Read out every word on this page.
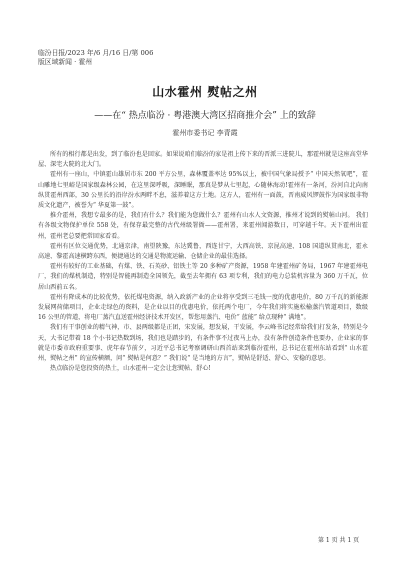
临汾日报/2023 年/6 月/16 日/第 006
版区域新闻 · 霍州
山水霍州 熨帖之州
——在“ 热点临汾 · 粤港澳大湾区招商推介会” 上的致辞
霍州市委书记 李青霞

所有的相行都是出发，到了临汾也是回家。如果说咱们临汾的家是祖上传下来的晋派三进院儿，那霍州就是这座高堂华屋、深宅大院的北大门。

霍州有一座山，中镇霍山雄居市东 200 平方公里，森林覆盖率达 95%以上，被中国气象局授予“ 中国天然氧吧”，霍山雕地七里峪是国家级森林公园，在这里深呼吸，深睡眠，那真是梦从七里起，心随林海动!霍州有一条河，汾河自北向南纵贯霍州西部，30 公里长的沿岸汾水两畔不息，滋养着这方土地。这方人，霍州有一面鼓，晋南威风锣鼓作为国家级非物质文化遗产，被誉为“ 华夏第一鼓”。

推介霍州，我想专最多的是，我们有什么？我们能为您做什么？霍州有山水人文资源，推州才说到的熨帖山河。 我们有各级文物保护单位 558 处，有保存最完整的古代州级署衙——霍州署，来霍州闻游数日，可穿越千年。天下霍州出霍州，霍州老总要把常回家看看。

霍州有区位交通优势，北通京津，南望陕豫，东达冀鲁，西连甘宁，大西高铁、京昆高速、108 国道纵贯南北，霍永高速、黎霍高速横跨东西，便捷通达的交通是物流运输、仓储企业的最佳选择。

霍州有较好的工业基础，有煤、铁、石英砂、铝铁土等 20 多种矿产资源，1958 年建霍州矿务局，1967 年建霍州电厂，我们的煤机制造，特别是智能再制造全国领先，截至去年拥有 63 项专利，我们的电力总装机容量为 360 万千瓦，位居山西前五名。

霍州有降成本的比较优势，依托煤电资源，纳入政新产业的企业将享受到三毛钱一度的优惠电价，80 万千瓦的新能源发展网荷储项目，企业走绿色的资料，是企业以目的优惠电价，依托两个电厂，今年我们将实施松榆蒸汽管道项目，数级 16 公里的管道，将电厂蒸汽直送霍州经济技术开发区，帮您用蒸汽、电价“ 蓝能” 给点现种“ 满地”。

我们有干事创业的精气神，市、县两级都是正团，宋发展，想发展，干发展，李云峰书记经常给我们打发条，特别是今天，大书记带着 18 个小书记热数到场，我们也是踏步的，有条件事不过夜马上办，没有条件创造条件也要办，企业家的事就是市委市政府重要事、虎年春节前夕，习近平总书记考察调研山西首站来到临汾霍州，总书记在霍州东站看到“ 山水霍州，熨帖之州” 的宣传横额，问“ 熨帖是何意？” 我们说“ 是当地的方言”，熨帖是舒适、舒心、安稳的意思。

热点临汾是您投资的热土，山水霍州一定会让您熨帖、舒心!

第 1 页 共 1 页
